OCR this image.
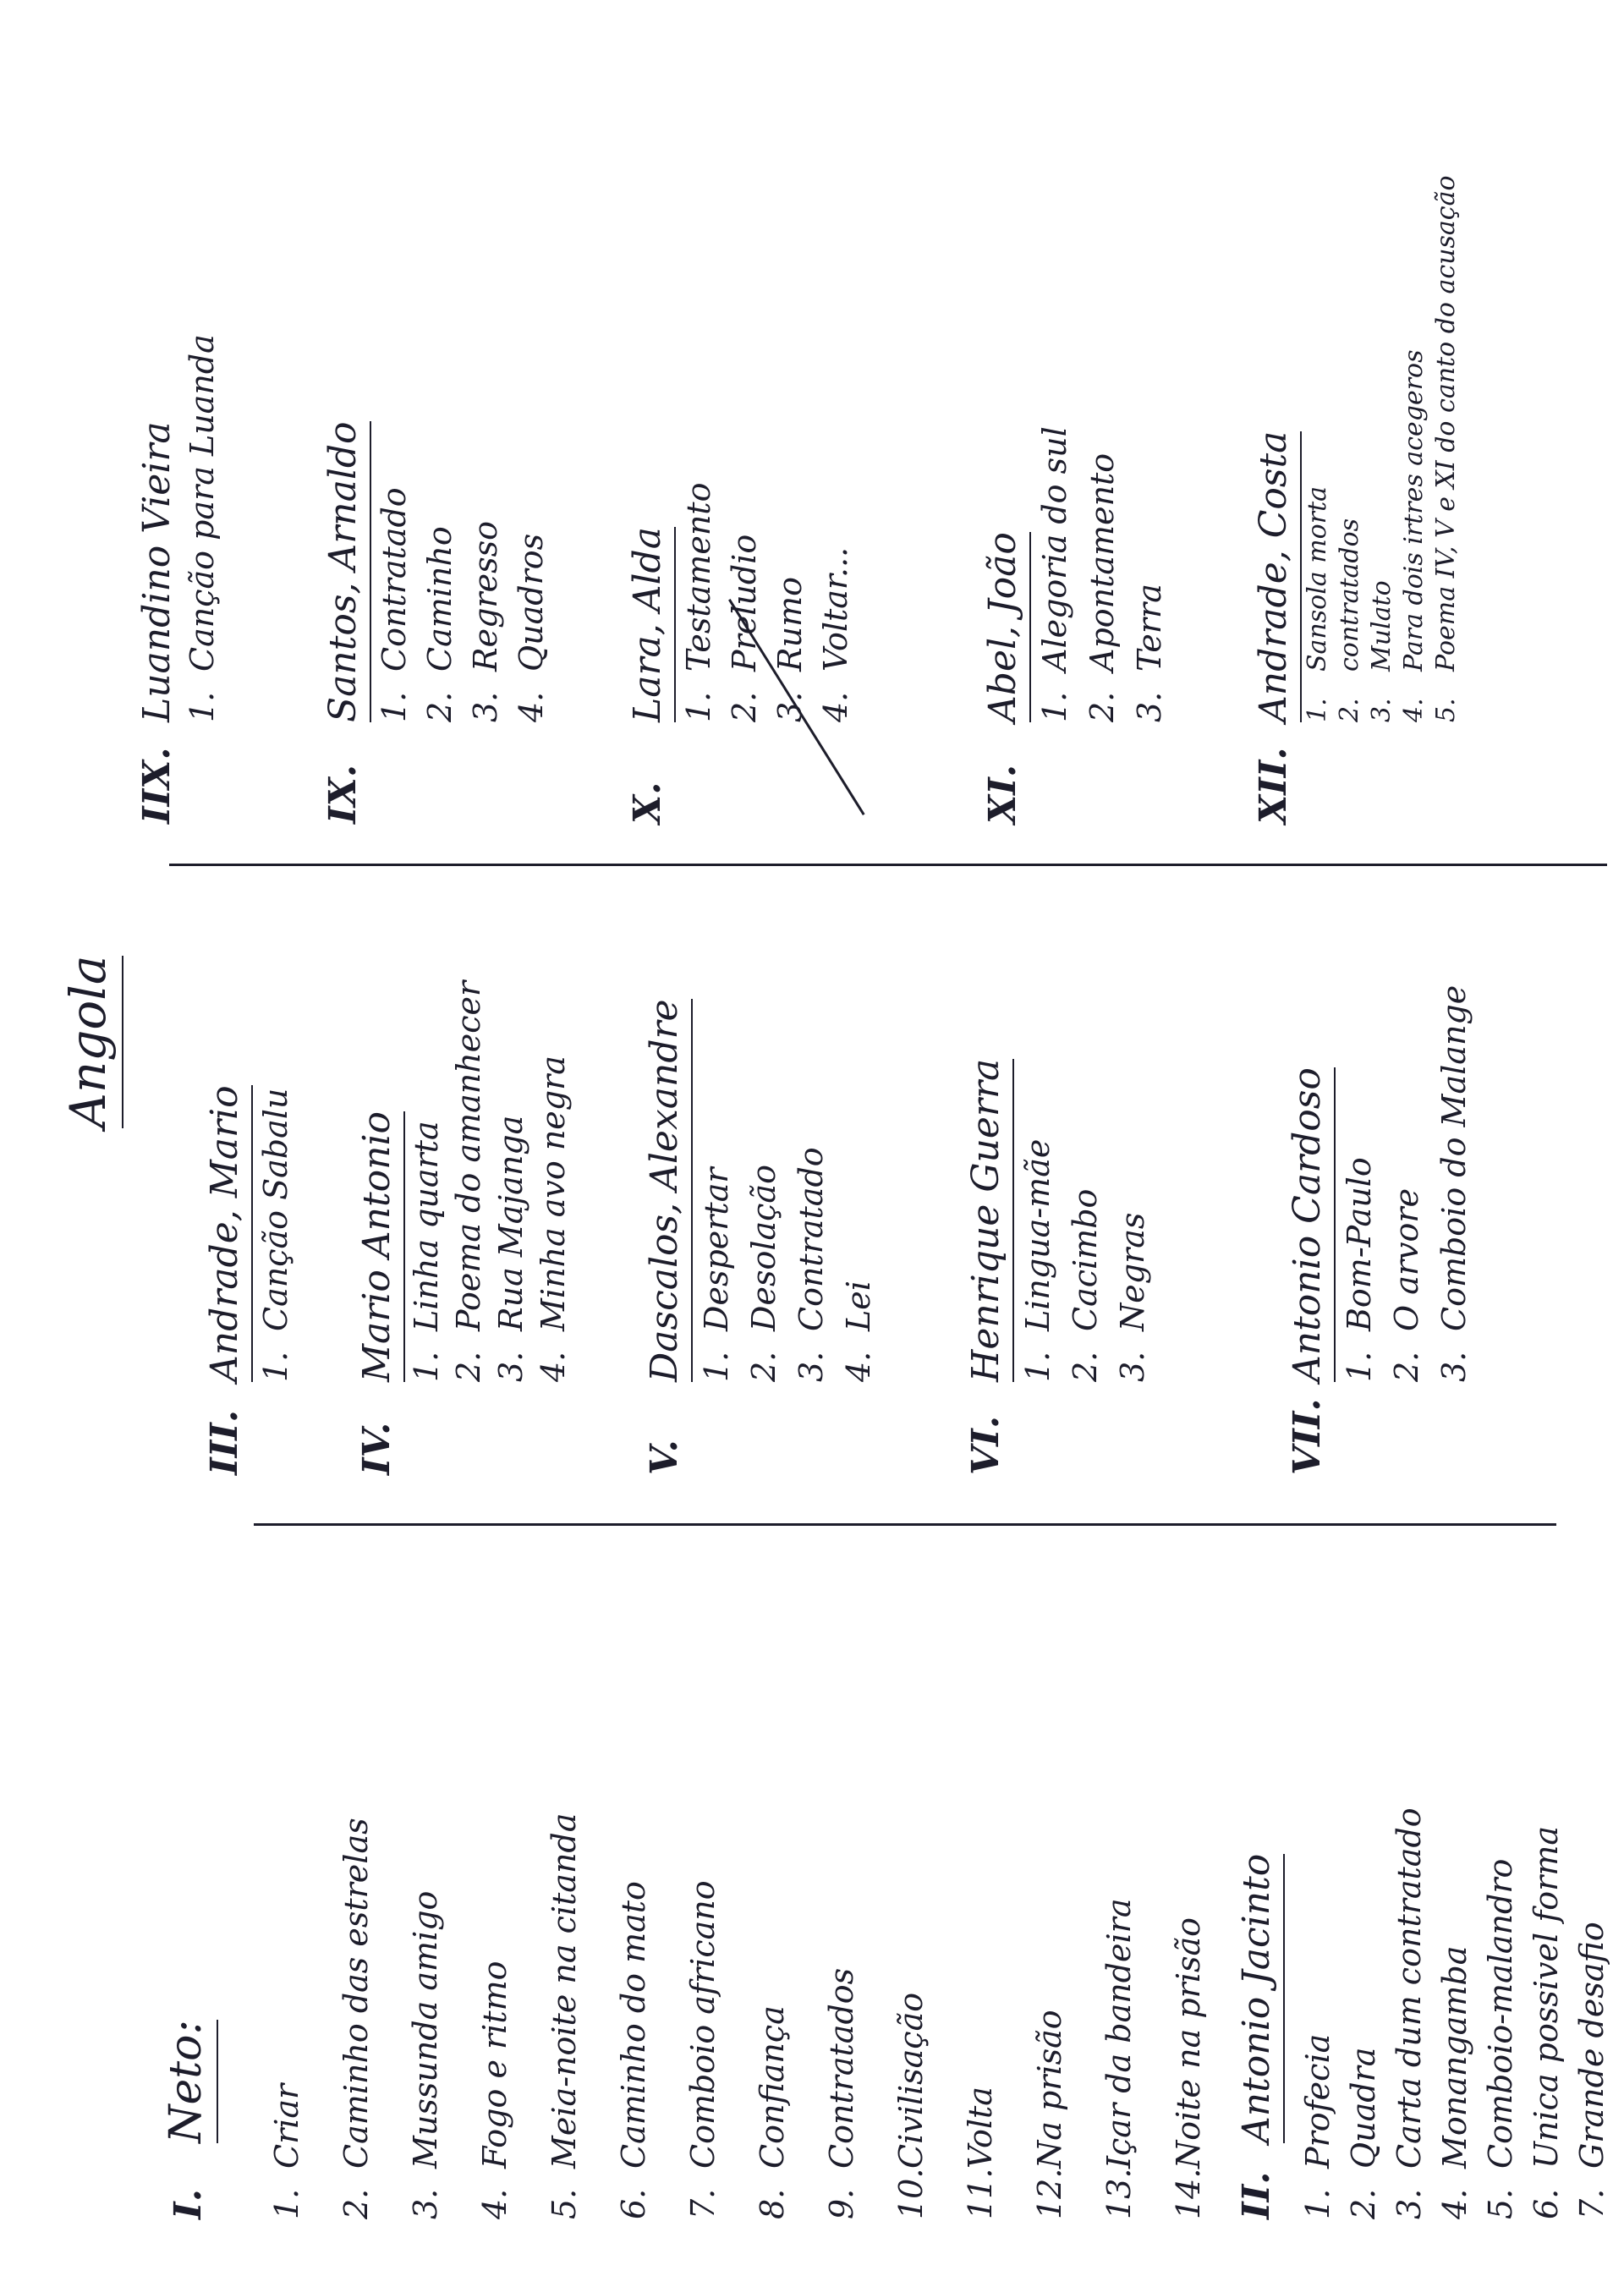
I.
Neto:
1.
Criar
2.
Caminho das estrelas
3.
Mussunda amigo
4.
Fogo e ritmo
5.
Meia-noite na citanda
6.
Caminho do mato
7.
Comboio africano
8.
Confiança
9.
Contratados
10.
Civilisação
11.
Volta
12.
Na prisão
13.
Içar da bandeira
14.
Noite na prisão
II.
Antonio Jacinto
1.
Profecia
2.
Quadra
3.
Carta dum contratado
4.
Monangamba
5.
Comboio-malandro
6.
Unica possivel forma
7.
Grande desafio
Angola
III.
Andrade, Mario 1.
Canção Sabalu
IV.
Mario Antonio 1.
Linha quarta
2.
Poema do amanhecer
3.
Rua Majanga
4.
Minha avo negra
V.
Dascalos, Alexandre 1.
Despertar
2.
Desolação
3.
Contratado
4.
Lei
VI.
Henrique Guerra 1.
Lingua-mãe
2.
Cacimbo
3.
Negras
VII.
Antonio Cardoso 1.
Bom-Paulo
2.
O arvore
3.
Comboio do Malange
IIX.
Luandino Vieira 1.
Canção para Luanda
IX.
Santos, Arnaldo 1.
Contratado
2.
Caminho
3.
Regresso
4.
Quadros
X.
Lara, Alda 1.
Testamento
2.
Preludio
3.
Rumo
4.
Voltar...
XI.
Abel, João 1.
Alegoria do sul
2.
Apontamento
3.
Terra
XII.
Andrade, Costa 1.
Sansola morta
2.
contratados
3.
Mulato
4.
Para dois irtres acegeros
5.
Poema IV, V e XI do canto do acusação
